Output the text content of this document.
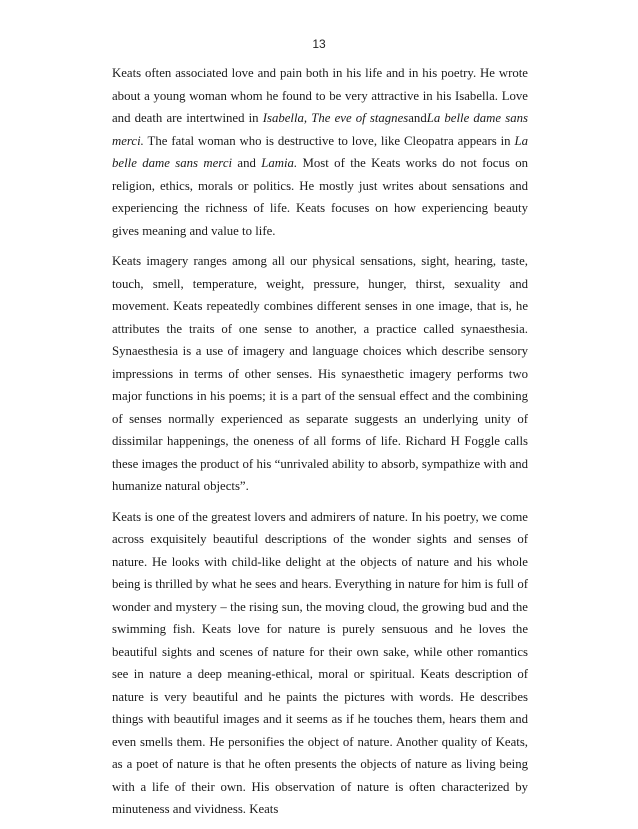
13

Keats often associated love and pain both in his life and in his poetry. He wrote about a young woman whom he found to be very attractive in his Isabella. Love and death are intertwined in Isabella, The eve of stagnesandLa belle dame sans merci. The fatal woman who is destructive to love, like Cleopatra appears in La belle dame sans merci and Lamia. Most of the Keats works do not focus on religion, ethics, morals or politics. He mostly just writes about sensations and experiencing the richness of life. Keats focuses on how experiencing beauty gives meaning and value to life.

Keats imagery ranges among all our physical sensations, sight, hearing, taste, touch, smell, temperature, weight, pressure, hunger, thirst, sexuality and movement. Keats repeatedly combines different senses in one image, that is, he attributes the traits of one sense to another, a practice called synaesthesia. Synaesthesia is a use of imagery and language choices which describe sensory impressions in terms of other senses. His synaesthetic imagery performs two major functions in his poems; it is a part of the sensual effect and the combining of senses normally experienced as separate suggests an underlying unity of dissimilar happenings, the oneness of all forms of life. Richard H Foggle calls these images the product of his “unrivaled ability to absorb, sympathize with and humanize natural objects”.

Keats is one of the greatest lovers and admirers of nature. In his poetry, we come across exquisitely beautiful descriptions of the wonder sights and senses of nature. He looks with child-like delight at the objects of nature and his whole being is thrilled by what he sees and hears. Everything in nature for him is full of wonder and mystery – the rising sun, the moving cloud, the growing bud and the swimming fish. Keats love for nature is purely sensuous and he loves the beautiful sights and scenes of nature for their own sake, while other romantics see in nature a deep meaning-ethical, moral or spiritual. Keats description of nature is very beautiful and he paints the pictures with words. He describes things with beautiful images and it seems as if he touches them, hears them and even smells them. He personifies the object of nature. Another quality of Keats, as a poet of nature is that he often presents the objects of nature as living being with a life of their own. His observation of nature is often characterized by minuteness and vividness. Keats
